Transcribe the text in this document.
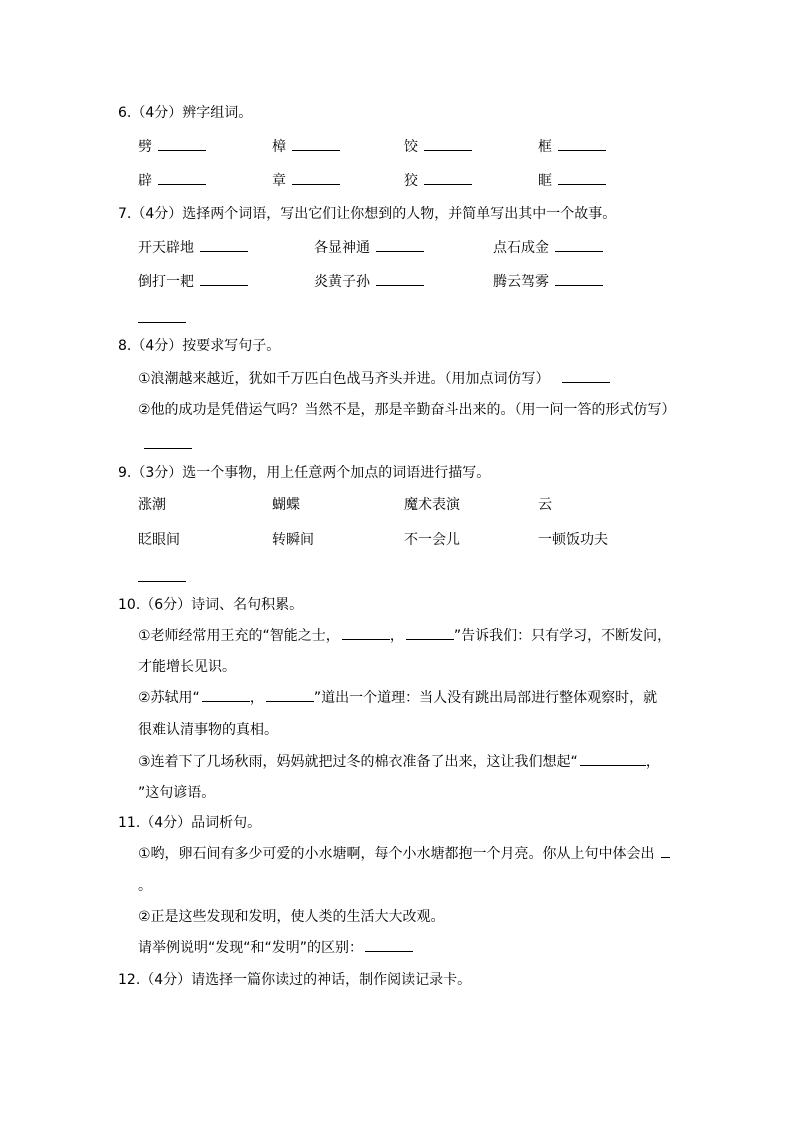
6.（4分）辨字组词。
劈	樟	饺	框
辟	章	狡	眶
7.（4分）选择两个词语，写出它们让你想到的人物，并简单写出其中一个故事。
开天辟地	各显神通	点石成金
倒打一耙	炎黄子孙	腾云驾雾
8.（4分）按要求写句子。
①浪潮越来越近，犹如千万匹白色战马齐头并进。（用加点词仿写）
②他的成功是凭借运气吗？当然不是，那是辛勤奋斗出来的。（用一问一答的形式仿写）
9.（3分）选一个事物，用上任意两个加点的词语进行描写。
涨潮	蝴蝶	魔术表演	云
眨眼间	转瞬间	不一会儿	一顿饭功夫
10.（6分）诗词、名句积累。
①老师经常用王充的“智能之士，	，	”告诉我们：只有学习，不断发问，
才能增长见识。
②苏轼用“	，	”道出一个道理：当人没有跳出局部进行整体观察时，就
很难认清事物的真相。
③连着下了几场秋雨，妈妈就把过冬的棉衣准备了出来，这让我们想起“	，
”这句谚语。
11.（4分）品词析句。
①哟，卵石间有多少可爱的小水塘啊，每个小水塘都抱一个月亮。你从上句中体会出
。
②正是这些发现和发明，使人类的生活大大改观。
请举例说明“发现“和“发明”的区别：
12.（4分）请选择一篇你读过的神话，制作阅读记录卡。
